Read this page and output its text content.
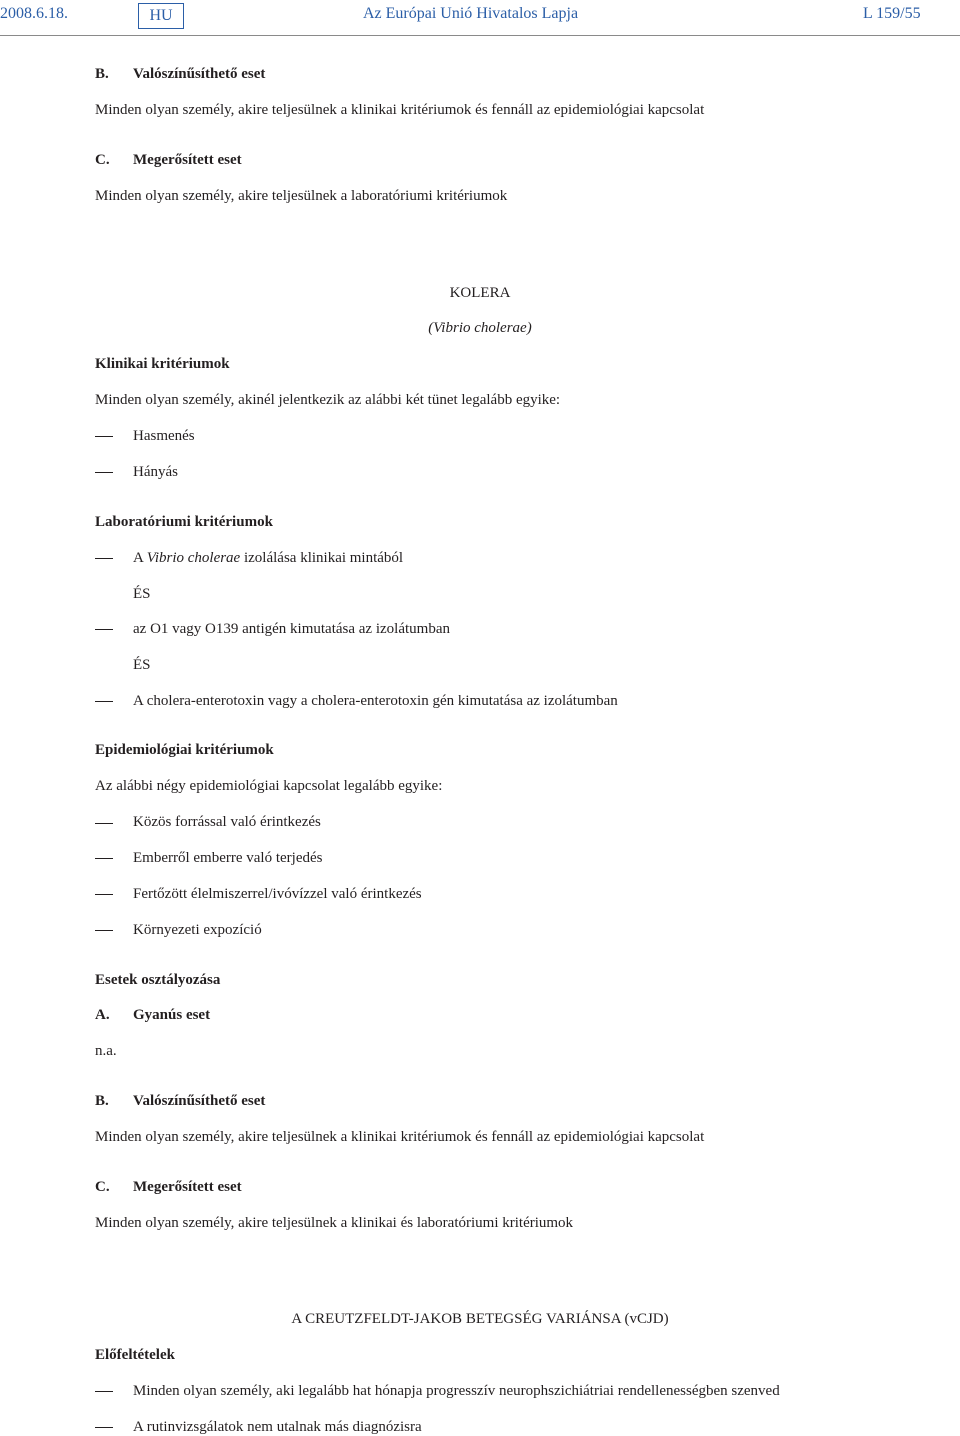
2008.6.18.	HU	Az Európai Unió Hivatalos Lapja	L 159/55
B. Valószínűsíthető eset
Minden olyan személy, akire teljesülnek a klinikai kritériumok és fennáll az epidemiológiai kapcsolat
C. Megerősített eset
Minden olyan személy, akire teljesülnek a laboratóriumi kritériumok
KOLERA
(Vibrio cholerae)
Klinikai kritériumok
Minden olyan személy, akinél jelentkezik az alábbi két tünet legalább egyike:
Hasmenés
Hányás
Laboratóriumi kritériumok
A Vibrio cholerae izolálása klinikai mintából
ÉS
az O1 vagy O139 antigén kimutatása az izolátumban
ÉS
A cholera-enterotoxin vagy a cholera-enterotoxin gén kimutatása az izolátumban
Epidemiológiai kritériumok
Az alábbi négy epidemiológiai kapcsolat legalább egyike:
Közös forrással való érintkezés
Emberről emberre való terjedés
Fertőzött élelmiszerrel/ivóvízzel való érintkezés
Környezeti expozíció
Esetek osztályozása
A. Gyanús eset
n.a.
B. Valószínűsíthető eset
Minden olyan személy, akire teljesülnek a klinikai kritériumok és fennáll az epidemiológiai kapcsolat
C. Megerősített eset
Minden olyan személy, akire teljesülnek a klinikai és laboratóriumi kritériumok
A CREUTZFELDT-JAKOB BETEGSÉG VARIÁNSA (vCJD)
Előfeltételek
Minden olyan személy, aki legalább hat hónapja progresszív neurophszichiátriai rendellenességben szenved
A rutinvizsgálatok nem utalnak más diagnózisra
